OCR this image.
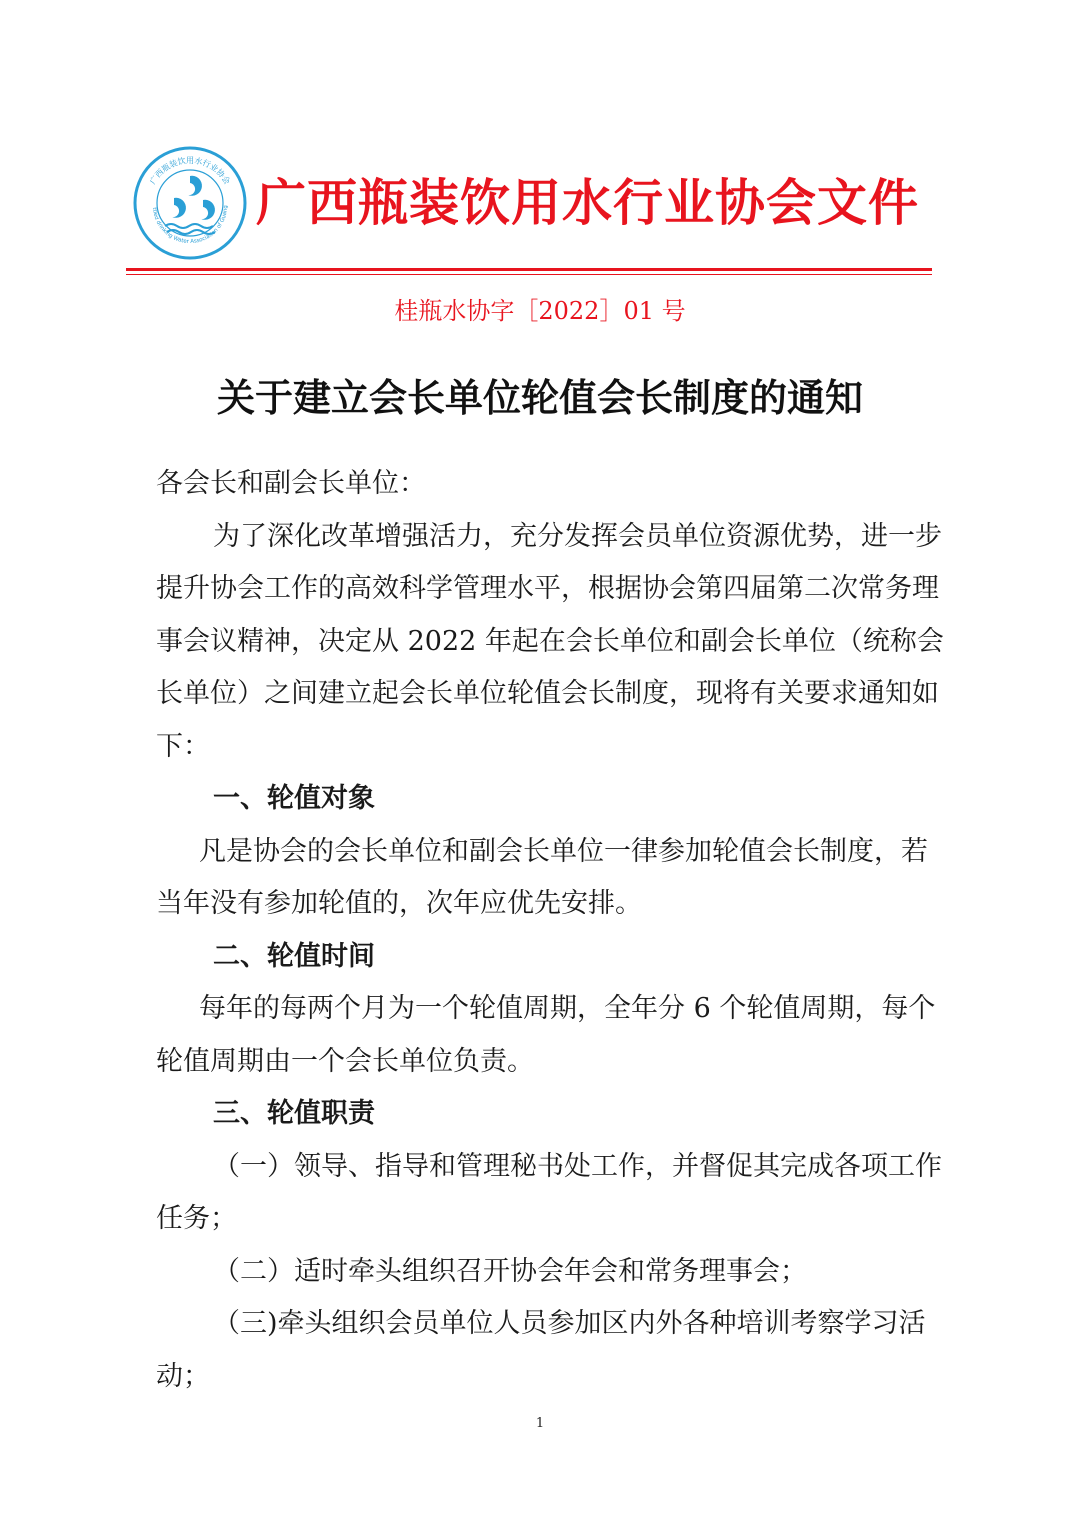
广西瓶装饮用水行业协会
ttled drinking Water Association of Guang 广西瓶装饮用水行业协会文件
桂瓶水协字［2022］01 号
关于建立会长单位轮值会长制度的通知

各会长和副会长单位：

为了深化改革增强活力，充分发挥会员单位资源优势，进一步提升协会工作的高效科学管理水平，根据协会第四届第二次常务理事会议精神，决定从 2022 年起在会长单位和副会长单位（统称会长单位）之间建立起会长单位轮值会长制度，现将有关要求通知如下：

一、轮值对象

凡是协会的会长单位和副会长单位一律参加轮值会长制度，若当年没有参加轮值的，次年应优先安排。

二、轮值时间

每年的每两个月为一个轮值周期，全年分 6 个轮值周期，每个轮值周期由一个会长单位负责。

三、轮值职责

（一）领导、指导和管理秘书处工作，并督促其完成各项工作任务；

（二）适时牵头组织召开协会年会和常务理事会；

（三)牵头组织会员单位人员参加区内外各种培训考察学习活动；

1
